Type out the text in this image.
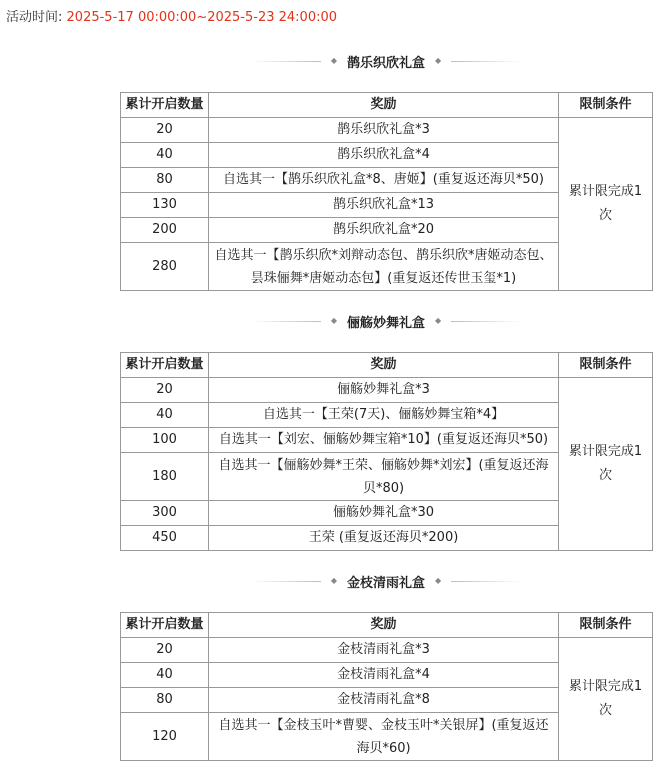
活动时间: 2025-5-17 00:00:00~2025-5-23 24:00:00
◆ 鹊乐织欣礼盒 ◆
累计开启数量	奖励	限制条件
20	鹊乐织欣礼盒*3	累计限完成1次
40	鹊乐织欣礼盒*4	
80	自选其一【鹊乐织欣礼盒*8、唐姬】(重复返还海贝*50)	
130	鹊乐织欣礼盒*13	
200	鹊乐织欣礼盒*20	
280	自选其一【鹊乐织欣*刘辩动态包、鹊乐织欣*唐姬动态包、昙珠俪舞*唐姬动态包】(重复返还传世玉玺*1)	
◆ 俪觞妙舞礼盒 ◆
累计开启数量	奖励	限制条件
20	俪觞妙舞礼盒*3	累计限完成1次
40	自选其一【王荣(7天)、俪觞妙舞宝箱*4】	
100	自选其一【刘宏、俪觞妙舞宝箱*10】(重复返还海贝*50)	
180	自选其一【俪觞妙舞*王荣、俪觞妙舞*刘宏】(重复返还海贝*80)	
300	俪觞妙舞礼盒*30	
450	王荣 (重复返还海贝*200)	
◆ 金枝清雨礼盒 ◆
累计开启数量	奖励	限制条件
20	金枝清雨礼盒*3	累计限完成1次
40	金枝清雨礼盒*4	
80	金枝清雨礼盒*8	
120	自选其一【金枝玉叶*曹婴、金枝玉叶*关银屏】(重复返还海贝*60)	
